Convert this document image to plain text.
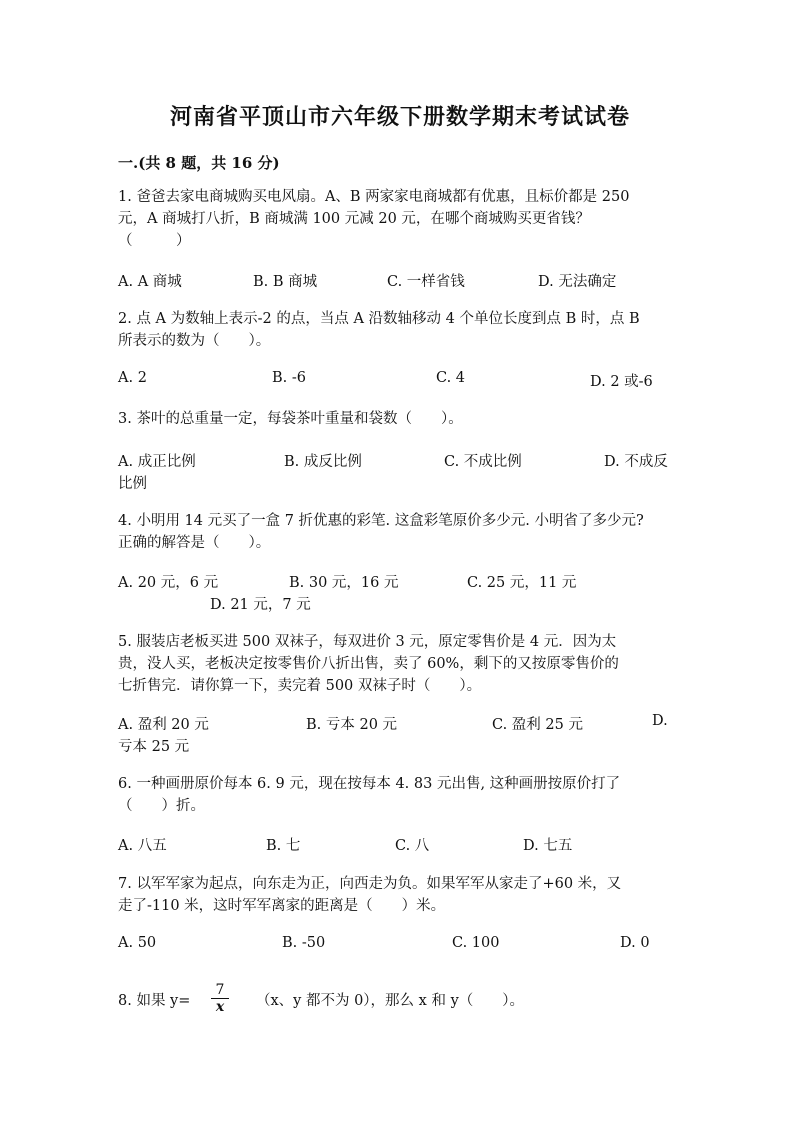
河南省平顶山市六年级下册数学期末考试试卷
一.(共 8 题，共 16 分)
1. 爸爸去家电商城购买电风扇。A、B 两家家电商城都有优惠，且标价都是 250
元，A 商城打八折，B 商城满 100 元减 20 元，在哪个商城购买更省钱？
（　　　）
A. A 商城	B. B 商城	C. 一样省钱	D. 无法确定
2. 点 A 为数轴上表示-2 的点，当点 A 沿数轴移动 4 个单位长度到点 B 时，点 B
所表示的数为（　　）。
A. 2	B. -6	C. 4	D. 2 或-6
3. 茶叶的总重量一定，每袋茶叶重量和袋数（　　）。
A. 成正比例	B. 成反比例	C. 不成比例	D. 不成反
比例
4. 小明用 14 元买了一盒 7 折优惠的彩笔. 这盒彩笔原价多少元. 小明省了多少元?
正确的解答是（　　）。
A. 20 元，6 元	B. 30 元，16 元	C. 25 元，11 元
D. 21 元，7 元
5. 服装店老板买进 500 双袜子，每双进价 3 元，原定零售价是 4 元．因为太
贵，没人买，老板决定按零售价八折出售，卖了 60%，剩下的又按原零售价的
七折售完．请你算一下，卖完着 500 双袜子时（　　）。
A. 盈利 20 元	B. 亏本 20 元	C. 盈利 25 元	D.
亏本 25 元
6. 一种画册原价每本 6. 9 元，现在按每本 4. 83 元出售, 这种画册按原价打了
（　　）折。
A. 八五	B. 七	C. 八	D. 七五
7. 以军军家为起点，向东走为正，向西走为负。如果军军从家走了+60 米，又
走了-110 米，这时军军离家的距离是（　　）米。
A. 50	B. -50	C. 100	D. 0
8. 如果 $y= \frac{7}{x} (x$、y 都不为 0），那么 x 和 y（　　）。
